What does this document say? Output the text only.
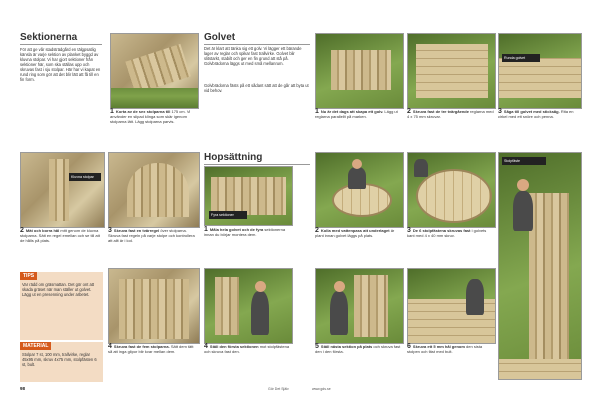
Sektionerna
För att ge vår stadsträdgård en tälgpsatlig känsla är varje sektion av planket byggd av kluvna stolpar. Vi har gjort sektioner från sektioner här, som ska ställas upp och skruvas fast i sju stolpar. Här har vi kapat en rund ring som gör att det blir lätt att få till en fin form.
1 Korta av de sex stolparna till 175 cm. Vi använder en slipad klinga som skär igenom stolparna lätt. Lägg stolparna parvis.
Golvet
Det är klart att tänka sig ett golv. Vi lägger ett bärande lager av reglar och spikar fast trallvirke. Golvet blir slitstarkt, stabilt och ger en fin grund att stå på. Golvbrädorna läggs ut med små mellanrum.
Golvbrädorna fästs på ett sådant sätt att de går att byta ut vid behov.
1 Nu är det dags att skapa ett golv. Lägg ut reglarna parallellt på marken.
2 Skruva fast de tre tvärgående reglarna med 4 x 75 mm skruvar.
Runda golvet
3 Såga till golvet med sticksåg. Rita en cirkel med ett snöre och penna.
Kluvna stolpar
2 Mät och borra hål mitt genom de kluvna stolparna. Sätt en regel emellan och se till att de hålls på plats.
3 Skruva fast en tvärregel över stolparna. Skruva fast regeln på varje stolpe och kontrollera att allt är i lod.
TIPS
Var rädd om gräsmattan. Det gör ont att skada gräset när man ställer ut golvet. Lägg ut en presenning under arbetet.
MATERIAL
Stolpar 7 st, 100 mm, trallvirke, reglar 45x95 mm, skruv 4x75 mm, stolpfästen 6 st, bult.
4 Skruva fast de fem stolparna. Sätt dem tätt så att inga glipor blir kvar mellan dem.
Hopsättning
Fyra sektioner
1 Måla hela golvet och de fyra sektionerna innan du börjar montera dem.
2 Kolla med vattenpass att underlaget är plant innan golvet läggs på plats.
3 De 6 stolpfästena skruvas fast i golvets kant med 4 x 40 mm skruv.
Stolpfäste
4 Ställ den första sektionen mot stolpfästena och skruva fast den.
5 Ställ nästa sektion på plats och skruva fast den i den första.
6 Skruva ett 5 mm hål genom den sista stolpen och fäst med bult.
98	Gör Det Själv	www.gds.se
